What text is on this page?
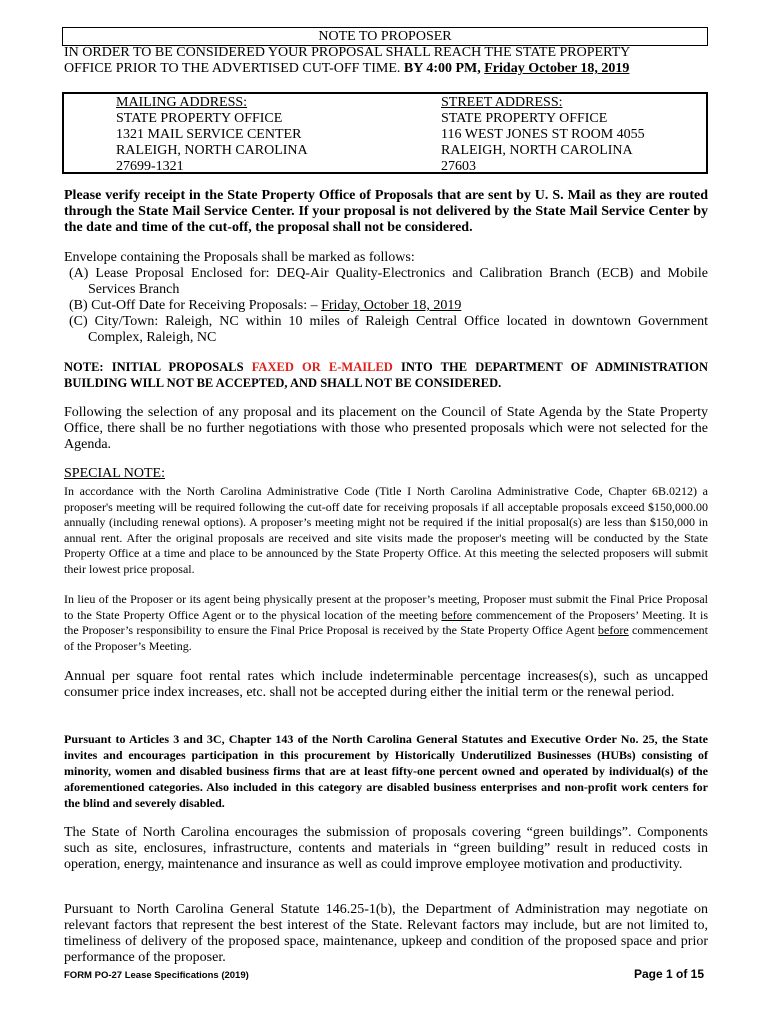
NOTE TO PROPOSER
IN ORDER TO BE CONSIDERED YOUR PROPOSAL SHALL REACH THE STATE PROPERTY
OFFICE PRIOR TO THE ADVERTISED CUT-OFF TIME. BY 4:00 PM, Friday October 18, 2019
MAILING ADDRESS:
STATE PROPERTY OFFICE
1321 MAIL SERVICE CENTER
RALEIGH, NORTH CAROLINA
27699-1321
STREET ADDRESS:
STATE PROPERTY OFFICE
116 WEST JONES ST ROOM 4055
RALEIGH, NORTH CAROLINA
27603

Please verify receipt in the State Property Office of Proposals that are sent by U. S. Mail as they are routed through the State Mail Service Center. If your proposal is not delivered by the State Mail Service Center by the date and time of the cut-off, the proposal shall not be considered.

Envelope containing the Proposals shall be marked as follows:
(A) Lease Proposal Enclosed for: DEQ-Air Quality-Electronics and Calibration Branch (ECB) and Mobile Services Branch
(B) Cut-Off Date for Receiving Proposals: – Friday, October 18, 2019
(C) City/Town: Raleigh, NC within 10 miles of Raleigh Central Office located in downtown Government Complex, Raleigh, NC

NOTE: INITIAL PROPOSALS FAXED OR E-MAILED INTO THE DEPARTMENT OF ADMINISTRATION BUILDING WILL NOT BE ACCEPTED, AND SHALL NOT BE CONSIDERED.

Following the selection of any proposal and its placement on the Council of State Agenda by the State Property Office, there shall be no further negotiations with those who presented proposals which were not selected for the Agenda.

SPECIAL NOTE:

In accordance with the North Carolina Administrative Code (Title I North Carolina Administrative Code, Chapter 6B.0212) a proposer's meeting will be required following the cut-off date for receiving proposals if all acceptable proposals exceed $150,000.00 annually (including renewal options). A proposer’s meeting might not be required if the initial proposal(s) are less than $150,000 in annual rent. After the original proposals are received and site visits made the proposer's meeting will be conducted by the State Property Office at a time and place to be announced by the State Property Office. At this meeting the selected proposers will submit their lowest price proposal.

In lieu of the Proposer or its agent being physically present at the proposer’s meeting, Proposer must submit the Final Price Proposal to the State Property Office Agent or to the physical location of the meeting before commencement of the Proposers’ Meeting. It is the Proposer’s responsibility to ensure the Final Price Proposal is received by the State Property Office Agent before commencement of the Proposer’s Meeting.

Annual per square foot rental rates which include indeterminable percentage increases(s), such as uncapped consumer price index increases, etc. shall not be accepted during either the initial term or the renewal period.

Pursuant to Articles 3 and 3C, Chapter 143 of the North Carolina General Statutes and Executive Order No. 25, the State invites and encourages participation in this procurement by Historically Underutilized Businesses (HUBs) consisting of minority, women and disabled business firms that are at least fifty-one percent owned and operated by individual(s) of the aforementioned categories. Also included in this category are disabled business enterprises and non-profit work centers for the blind and severely disabled.

The State of North Carolina encourages the submission of proposals covering “green buildings”. Components such as site, enclosures, infrastructure, contents and materials in “green building” result in reduced costs in operation, energy, maintenance and insurance as well as could improve employee motivation and productivity.

Pursuant to North Carolina General Statute 146.25-1(b), the Department of Administration may negotiate on relevant factors that represent the best interest of the State. Relevant factors may include, but are not limited to, timeliness of delivery of the proposed space, maintenance, upkeep and condition of the proposed space and prior performance of the proposer.

FORM PO-27 Lease Specifications (2019)	Page 1 of 15
